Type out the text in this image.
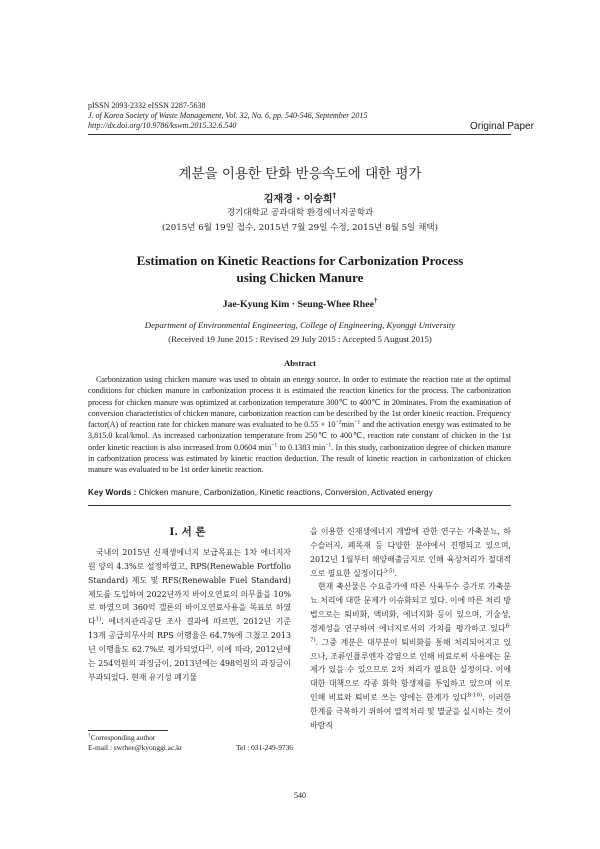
pISSN 2093-2332 eISSN 2287-5638
J. of Korea Society of Waste Management, Vol. 32, No. 6, pp. 540-546, September 2015
http://dx.doi.org/10.9786/kswm.2015.32.6.540	Original Paper
계분을 이용한 탄화 반응속도에 대한 평가
김재경 · 이승희†
경기대학교 공과대학 환경에너지공학과
(2015년 6월 19일 접수, 2015년 7월 29일 수정, 2015년 8월 5일 채택)
Estimation on Kinetic Reactions for Carbonization Process
using Chicken Manure
Jae-Kyung Kim · Seung-Whee Rhee†
Department of Environmental Engineering, College of Engineering, Kyonggi University
(Received 19 June 2015 : Revised 29 July 2015 : Accepted 5 August 2015)
Abstract

Carbonization using chicken manure was used to obtain an energy source. In order to estimate the reaction rate at the optimal conditions for chicken manure in carbonization process it is estimated the reaction kinetics for the process. The carbonization process for chicken manure was optimized at carbonization temperature 300℃ to 400℃ in 20minates. From the examination of conversion characteristics of chicken manure, carbonization reaction can be described by the 1st order kinetic reaction. Frequency factor(A) of reaction rate for chicken manure was evaluated to be $0.55 \times 10^{-2}\min^{-1}$ and the activation energy was estimated to be 3,815.0 kcal/kmol. As increased carbonization temperature from 250℃ to 400℃, reaction rate constant of chicken in the 1st order kinetic reaction is also increased from 0.0604 $\min^{-1}$ to 0.1383 $\min^{-1}$. In this study, carbonization degree of chicken manure in carbonization process was estimated by kinetic reaction deduction. The result of kinetic reaction in carbonization of chicken manure was evaluated to be 1st order kinetic reaction.

Key Words : Chicken manure, Carbonization, Kinetic reactions, Conversion, Activated energy
I. 서 론

국내의 2015년 신재생에너지 보급목표는 1차 에너지자원 양의 4.3%로 설정하였고, RPS(Renewable Portfolio Standard) 제도 및 RFS(Renewable Fuel Standard) 제도를 도입하여 2022년까지 바이오연료의 의무율을 10%로 하였으며 360억 갤론의 바이오연료사용을 목표로 하였다$^{1)}$. 에너지관리공단 조사 결과에 따르면, 2012년 기준 13개 공급의무사의 RPS 이행율은 64.7%에 그쳤고 2013년 이행율도 62.7%로 평가되었다$^{2)}$. 이에 따라, 2012년에는 254억원의 과징금이, 2013년에는 498억원의 과징금이 부과되었다. 현재 유기성 폐기물

을 이용한 신재생에너지 개발에 관한 연구는 가축분뇨, 하수슬러지, 폐목재 등 다양한 분야에서 진행되고 있으며, 2012년 1월부터 해양배출금지로 인해 육상처리가 절대적으로 필요한 실정이다$^{3-5)}$.
현재 축산물은 수요증가에 따른 사육두수 증가로 가축분뇨 처리에 대한 문제가 이슈화되고 있다. 이에 따른 처리 방법으로는 퇴비화, 액비화, 에너지화 등이 있으며, 기술성, 경제성을 연구하여 에너지로서의 가치를 평가하고 있다$^{6-7)}$. 그중 계분은 대부분이 퇴비화를 통해 처리되어지고 있으나, 조류인플루엔자 감염으로 인해 비료로써 사용에는 문제가 있을 수 있으므로 2차 처리가 필요한 실정이다. 이에 대한 대책으로 각종 화학 항생제를 투입하고 있으며 이로 인해 비료와 퇴비로 쓰는 양에는 한계가 있다$^{8-10)}$. 이러한 한계를 극복하기 위하여 열적처리 및 멸균을 실시하는 것이 바람직
†Corresponding author
E-mail : swrhee@kyonggi.ac.kr	Tel : 031-249-9736
540
